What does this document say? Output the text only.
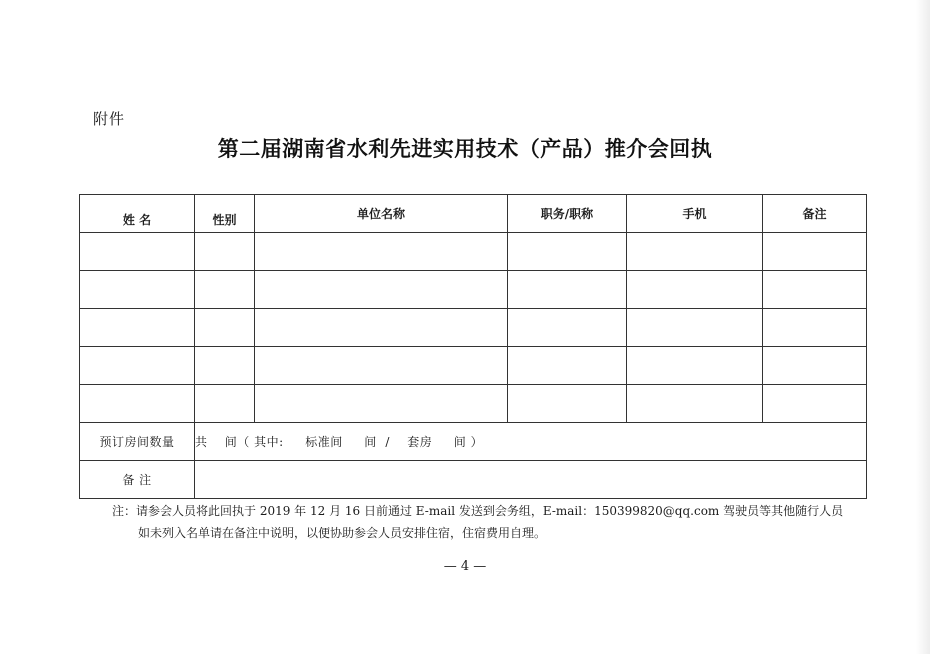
附件
第二届湖南省水利先进实用技术（产品）推介会回执
姓 名	性别	单位名称	职务/职称	手机	备注

预订房间数量	共    间（ 其中:     标准间     间  /    套房     间 ）				
备 注					
注：请参会人员将此回执于 2019 年 12 月 16 日前通过 E-mail 发送到会务组，E-mail：150399820@qq.com 驾驶员等其他随行人员
如未列入名单请在备注中说明，以便协助参会人员安排住宿，住宿费用自理。
— 4 —
